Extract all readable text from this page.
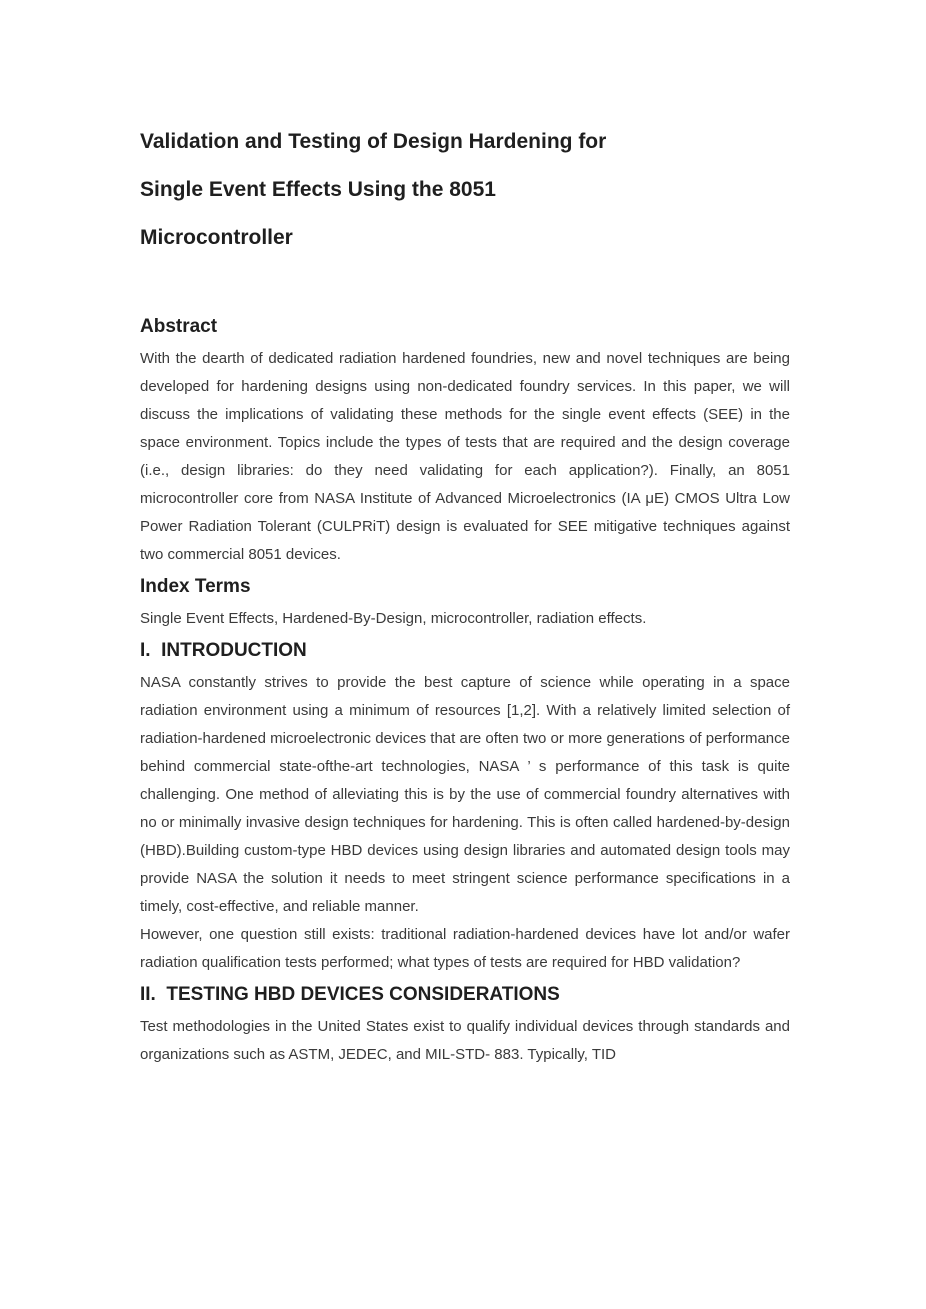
Validation and Testing of Design Hardening for
Single Event Effects Using the 8051
Microcontroller
Abstract

With the dearth of dedicated radiation hardened foundries, new and novel techniques are being developed for hardening designs using non-dedicated foundry services. In this paper, we will discuss the implications of validating these methods for the single event effects (SEE) in the space environment. Topics include the types of tests that are required and the design coverage (i.e., design libraries: do they need validating for each application?). Finally, an 8051 microcontroller core from NASA Institute of Advanced Microelectronics (IA μE) CMOS Ultra Low Power Radiation Tolerant (CULPRiT) design is evaluated for SEE mitigative techniques against two commercial 8051 devices.

Index Terms

Single Event Effects, Hardened-By-Design, microcontroller, radiation effects.

I.  INTRODUCTION

NASA constantly strives to provide the best capture of science while operating in a space radiation environment using a minimum of resources [1,2]. With a relatively limited selection of radiation-hardened microelectronic devices that are often two or more generations of performance behind commercial state-ofthe-art technologies, NASA ’ s performance of this task is quite challenging. One method of alleviating this is by the use of commercial foundry alternatives with no or minimally invasive design techniques for hardening. This is often called hardened-by-design (HBD).Building custom-type HBD devices using design libraries and automated design tools may provide NASA the solution it needs to meet stringent science performance specifications in a timely, cost-effective, and reliable manner.

However, one question still exists: traditional radiation-hardened devices have lot and/or wafer radiation qualification tests performed; what types of tests are required for HBD validation?

II.  TESTING HBD DEVICES CONSIDERATIONS

Test methodologies in the United States exist to qualify individual devices through standards and organizations such as ASTM, JEDEC, and MIL-STD- 883. Typically, TID
